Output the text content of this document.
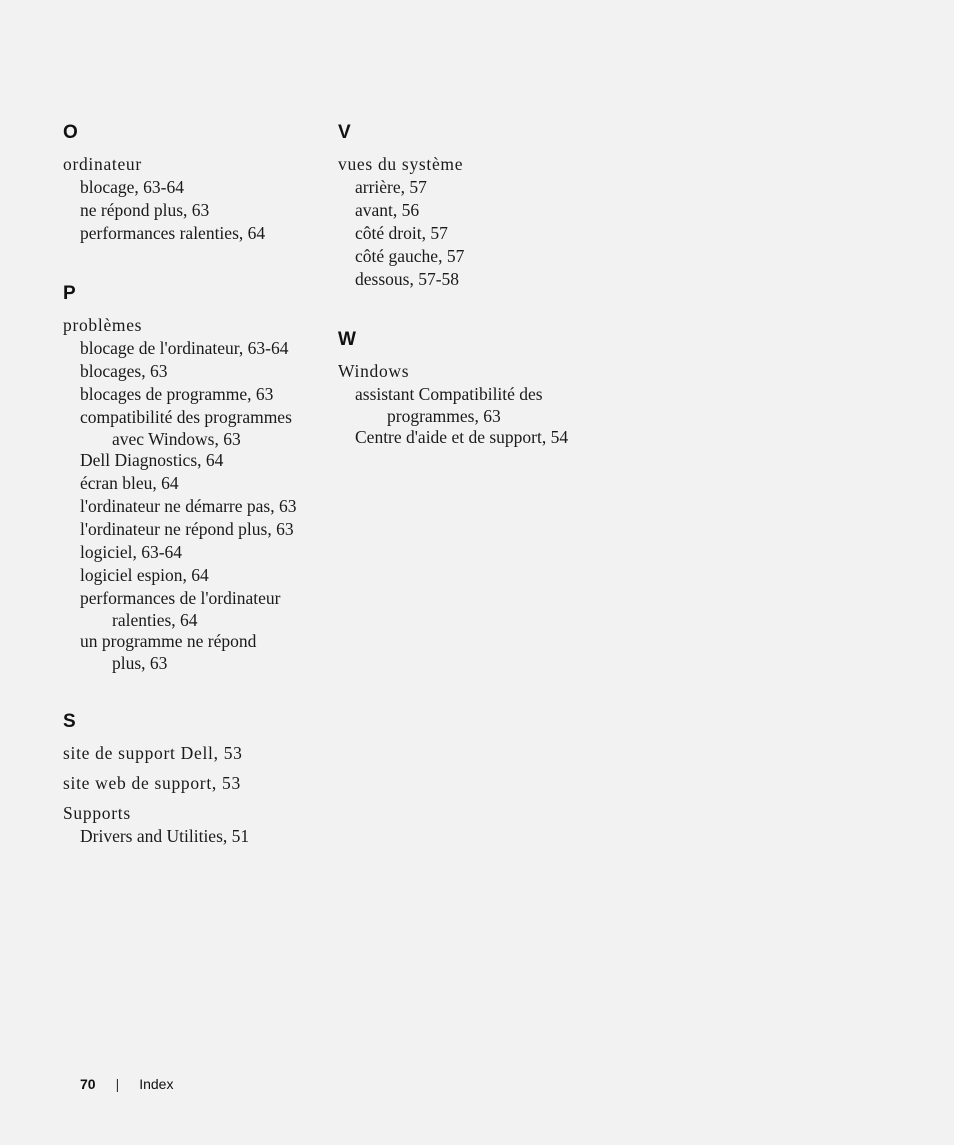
O
ordinateur
blocage, 63-64
ne répond plus, 63
performances ralenties, 64
P
problèmes
blocage de l'ordinateur, 63-64
blocages, 63
blocages de programme, 63
compatibilité des programmes
avec Windows, 63
Dell Diagnostics, 64
écran bleu, 64
l'ordinateur ne démarre pas, 63
l'ordinateur ne répond plus, 63
logiciel, 63-64
logiciel espion, 64
performances de l'ordinateur
ralenties, 64
un programme ne répond
plus, 63
S
site de support Dell, 53
site web de support, 53
Supports
Drivers and Utilities, 51
V
vues du système
arrière, 57
avant, 56
côté droit, 57
côté gauche, 57
dessous, 57-58
W
Windows
assistant Compatibilité des
programmes, 63
Centre d'aide et de support, 54
70 | Index
